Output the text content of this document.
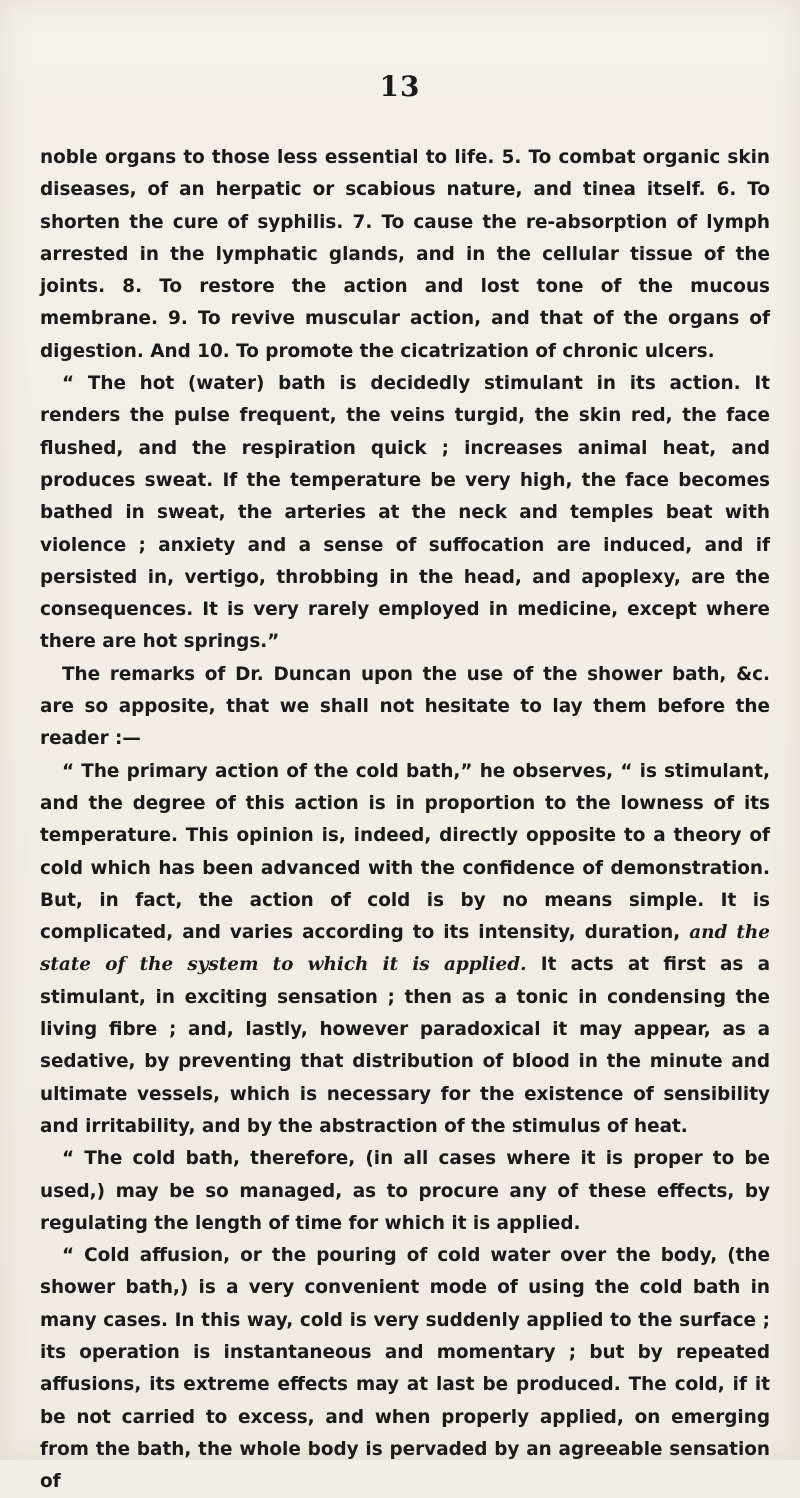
13

noble organs to those less essential to life. 5. To combat organic skin diseases, of an herpatic or scabious nature, and tinea itself. 6. To shorten the cure of syphilis. 7. To cause the re-absorption of lymph arrested in the lymphatic glands, and in the cellular tissue of the joints. 8. To restore the action and lost tone of the mucous membrane. 9. To revive muscular action, and that of the organs of digestion. And 10. To promote the cicatrization of chronic ulcers.

“ The hot (water) bath is decidedly stimulant in its action. It renders the pulse frequent, the veins turgid, the skin red, the face flushed, and the respiration quick ; increases animal heat, and produces sweat. If the temperature be very high, the face becomes bathed in sweat, the arteries at the neck and temples beat with violence ; anxiety and a sense of suffocation are induced, and if persisted in, vertigo, throbbing in the head, and apoplexy, are the consequences. It is very rarely employed in medicine, except where there are hot springs.”

The remarks of Dr. Duncan upon the use of the shower bath, &c. are so apposite, that we shall not hesitate to lay them before the reader :—

“ The primary action of the cold bath,” he observes, “ is stimulant, and the degree of this action is in proportion to the lowness of its temperature. This opinion is, indeed, directly opposite to a theory of cold which has been advanced with the confidence of demonstration. But, in fact, the action of cold is by no means simple. It is complicated, and varies according to its intensity, duration, and the state of the system to which it is applied. It acts at first as a stimulant, in exciting sensation ; then as a tonic in condensing the living fibre ; and, lastly, however paradoxical it may appear, as a sedative, by preventing that distribution of blood in the minute and ultimate vessels, which is necessary for the existence of sensibility and irritability, and by the abstraction of the stimulus of heat.

“ The cold bath, therefore, (in all cases where it is proper to be used,) may be so managed, as to procure any of these effects, by regulating the length of time for which it is applied.

“ Cold affusion, or the pouring of cold water over the body, (the shower bath,) is a very convenient mode of using the cold bath in many cases. In this way, cold is very suddenly applied to the surface ; its operation is instantaneous and momentary ; but by repeated affusions, its extreme effects may at last be produced. The cold, if it be not carried to excess, and when properly applied, on emerging from the bath, the whole body is pervaded by an agreeable sensation of
